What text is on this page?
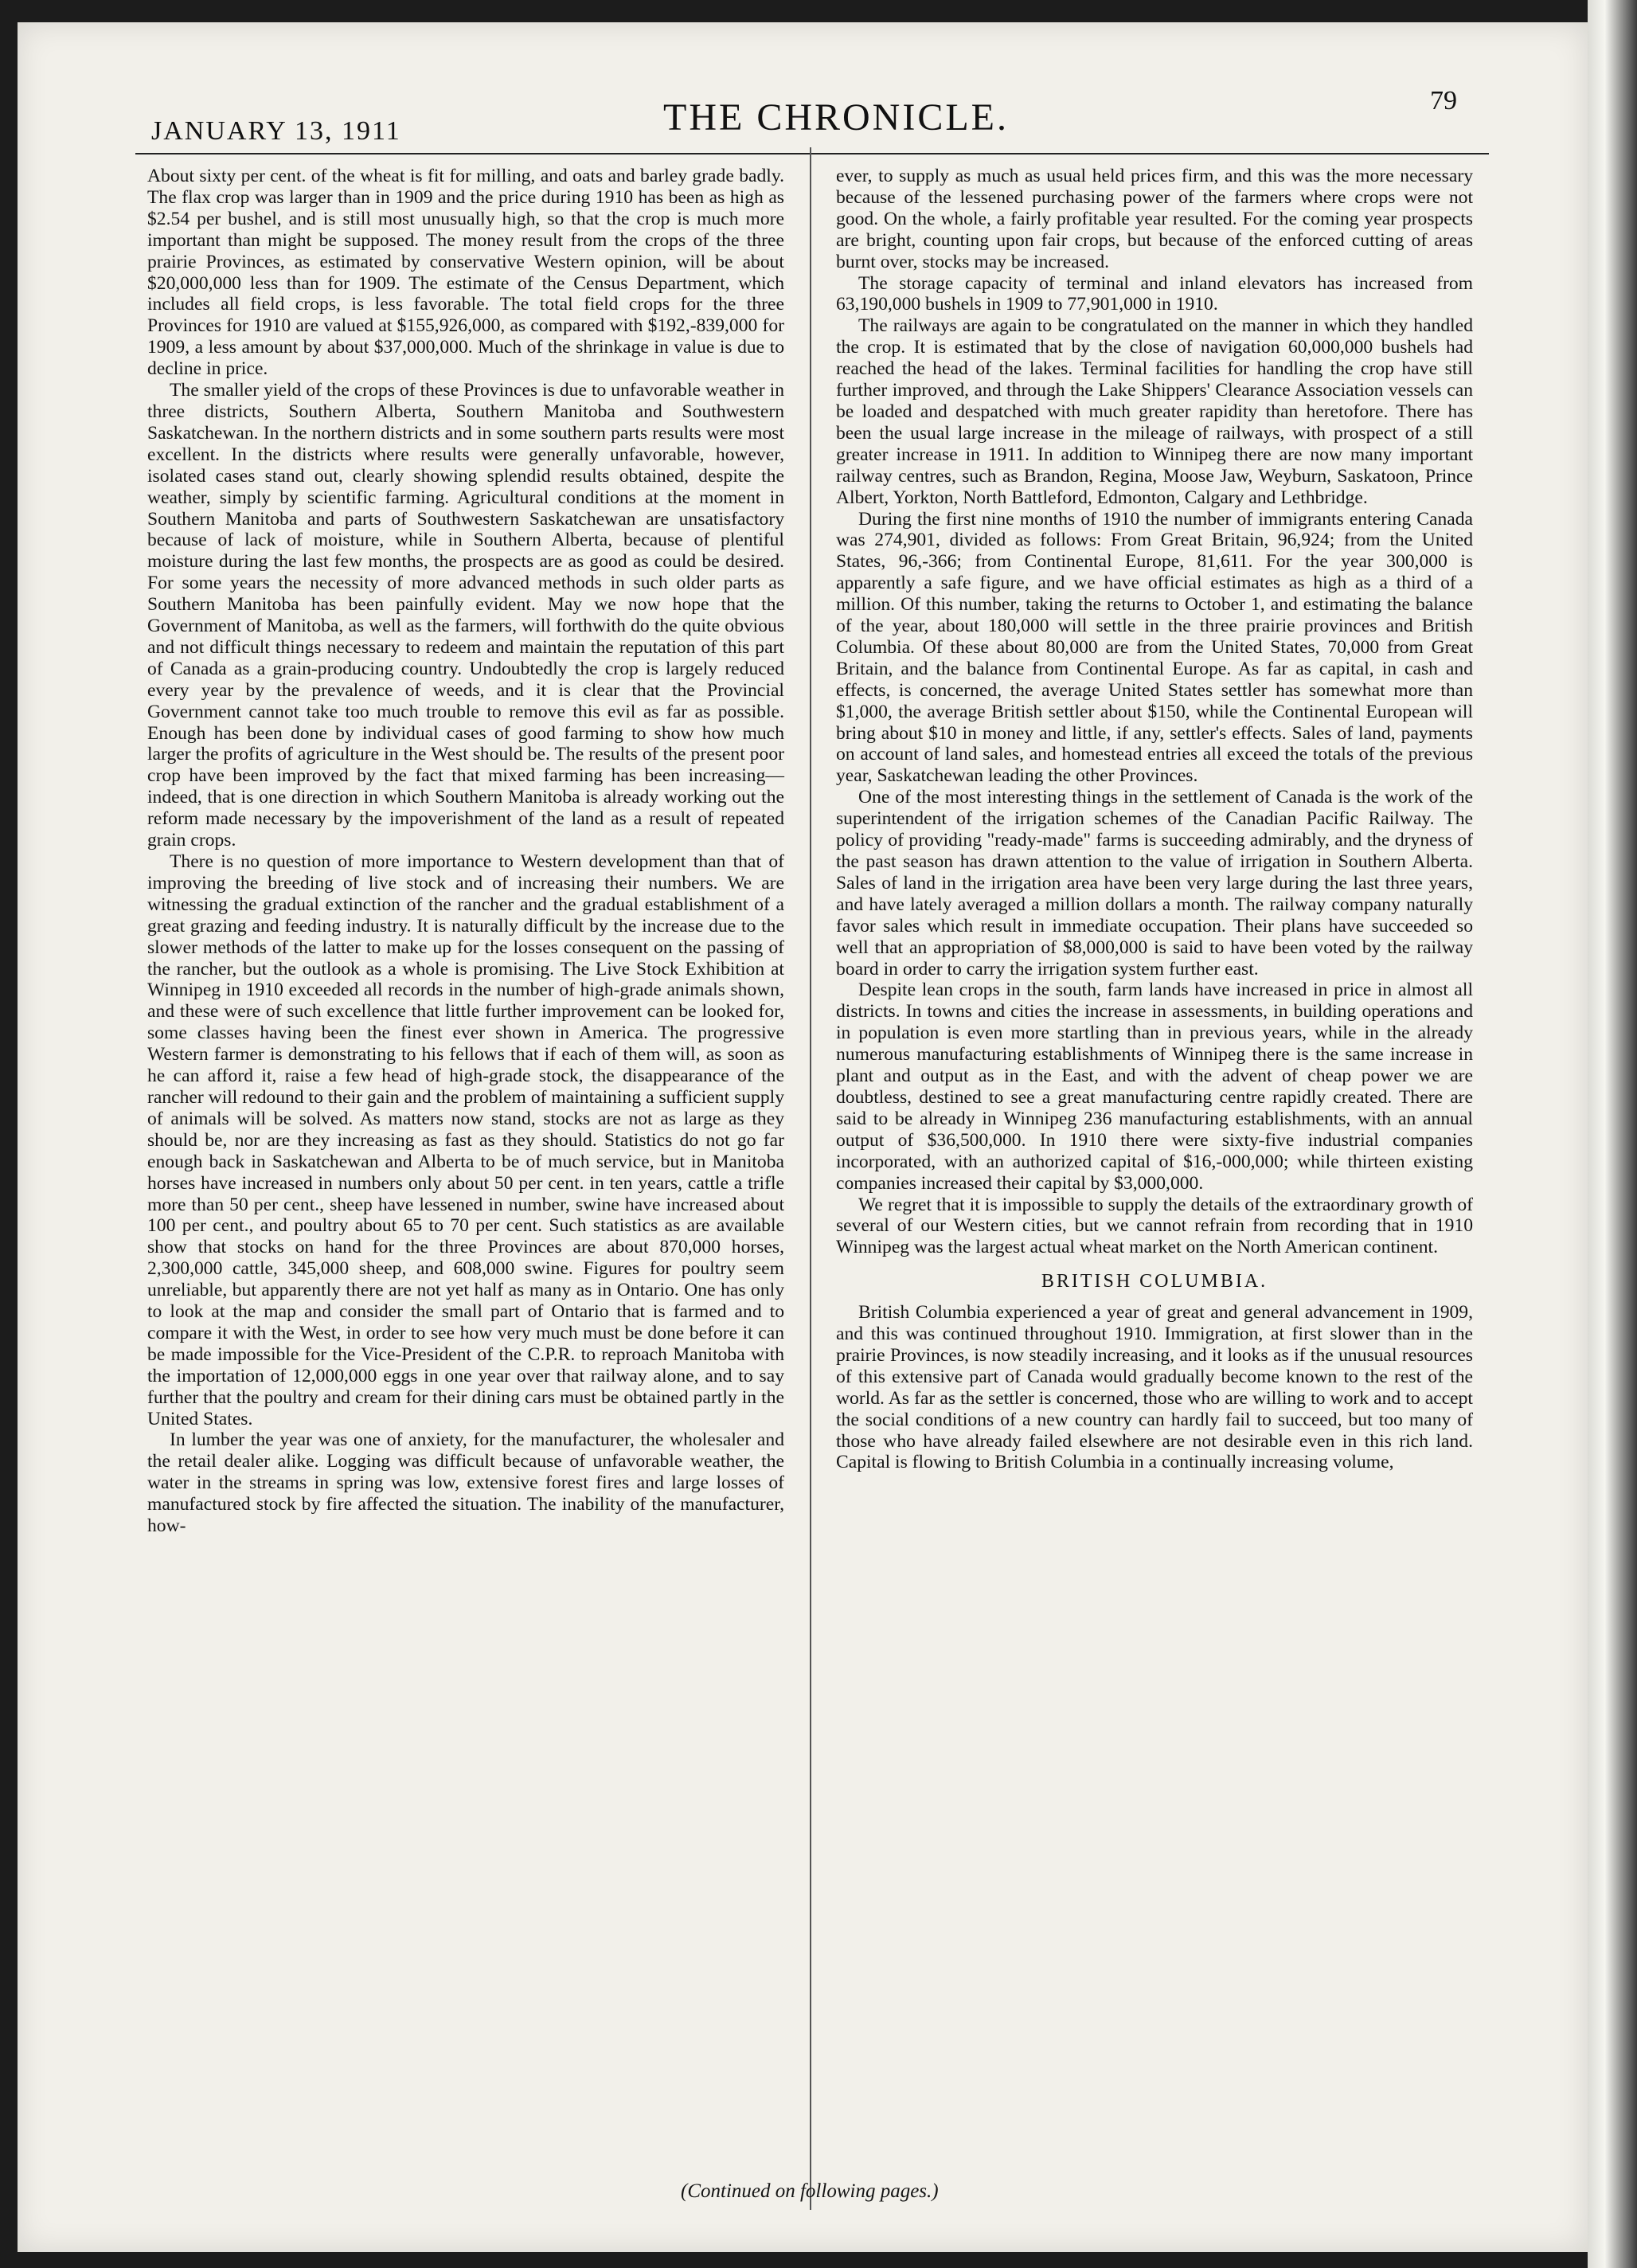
JANUARY 13, 1911	THE CHRONICLE.	79

About sixty per cent. of the wheat is fit for milling, and oats and barley grade badly. The flax crop was larger than in 1909 and the price during 1910 has been as high as $2.54 per bushel, and is still most unusually high, so that the crop is much more important than might be supposed. The money result from the crops of the three prairie Provinces, as estimated by conservative Western opinion, will be about $20,000,000 less than for 1909. The estimate of the Census Department, which includes all field crops, is less favorable. The total field crops for the three Provinces for 1910 are valued at $155,926,000, as compared with $192,-839,000 for 1909, a less amount by about $37,000,000. Much of the shrinkage in value is due to decline in price.

The smaller yield of the crops of these Provinces is due to unfavorable weather in three districts, Southern Alberta, Southern Manitoba and Southwestern Saskatchewan. In the northern districts and in some southern parts results were most excellent. In the districts where results were generally unfavorable, however, isolated cases stand out, clearly showing splendid results obtained, despite the weather, simply by scientific farming. Agricultural conditions at the moment in Southern Manitoba and parts of Southwestern Saskatchewan are unsatisfactory because of lack of moisture, while in Southern Alberta, because of plentiful moisture during the last few months, the prospects are as good as could be desired. For some years the necessity of more advanced methods in such older parts as Southern Manitoba has been painfully evident. May we now hope that the Government of Manitoba, as well as the farmers, will forthwith do the quite obvious and not difficult things necessary to redeem and maintain the reputation of this part of Canada as a grain-producing country. Undoubtedly the crop is largely reduced every year by the prevalence of weeds, and it is clear that the Provincial Government cannot take too much trouble to remove this evil as far as possible. Enough has been done by individual cases of good farming to show how much larger the profits of agriculture in the West should be. The results of the present poor crop have been improved by the fact that mixed farming has been increasing—indeed, that is one direction in which Southern Manitoba is already working out the reform made necessary by the impoverishment of the land as a result of repeated grain crops.

There is no question of more importance to Western development than that of improving the breeding of live stock and of increasing their numbers. We are witnessing the gradual extinction of the rancher and the gradual establishment of a great grazing and feeding industry. It is naturally difficult by the increase due to the slower methods of the latter to make up for the losses consequent on the passing of the rancher, but the outlook as a whole is promising. The Live Stock Exhibition at Winnipeg in 1910 exceeded all records in the number of high-grade animals shown, and these were of such excellence that little further improvement can be looked for, some classes having been the finest ever shown in America. The progressive Western farmer is demonstrating to his fellows that if each of them will, as soon as he can afford it, raise a few head of high-grade stock, the disappearance of the rancher will redound to their gain and the problem of maintaining a sufficient supply of animals will be solved. As matters now stand, stocks are not as large as they should be, nor are they increasing as fast as they should. Statistics do not go far enough back in Saskatchewan and Alberta to be of much service, but in Manitoba horses have increased in numbers only about 50 per cent. in ten years, cattle a trifle more than 50 per cent., sheep have lessened in number, swine have increased about 100 per cent., and poultry about 65 to 70 per cent. Such statistics as are available show that stocks on hand for the three Provinces are about 870,000 horses, 2,300,000 cattle, 345,000 sheep, and 608,000 swine. Figures for poultry seem unreliable, but apparently there are not yet half as many as in Ontario. One has only to look at the map and consider the small part of Ontario that is farmed and to compare it with the West, in order to see how very much must be done before it can be made impossible for the Vice-President of the C.P.R. to reproach Manitoba with the importation of 12,000,000 eggs in one year over that railway alone, and to say further that the poultry and cream for their dining cars must be obtained partly in the United States.

In lumber the year was one of anxiety, for the manufacturer, the wholesaler and the retail dealer alike. Logging was difficult because of unfavorable weather, the water in the streams in spring was low, extensive forest fires and large losses of manufactured stock by fire affected the situation. The inability of the manufacturer, how-

ever, to supply as much as usual held prices firm, and this was the more necessary because of the lessened purchasing power of the farmers where crops were not good. On the whole, a fairly profitable year resulted. For the coming year prospects are bright, counting upon fair crops, but because of the enforced cutting of areas burnt over, stocks may be increased.

The storage capacity of terminal and inland elevators has increased from 63,190,000 bushels in 1909 to 77,901,000 in 1910.

The railways are again to be congratulated on the manner in which they handled the crop. It is estimated that by the close of navigation 60,000,000 bushels had reached the head of the lakes. Terminal facilities for handling the crop have still further improved, and through the Lake Shippers' Clearance Association vessels can be loaded and despatched with much greater rapidity than heretofore. There has been the usual large increase in the mileage of railways, with prospect of a still greater increase in 1911. In addition to Winnipeg there are now many important railway centres, such as Brandon, Regina, Moose Jaw, Weyburn, Saskatoon, Prince Albert, Yorkton, North Battleford, Edmonton, Calgary and Lethbridge.

During the first nine months of 1910 the number of immigrants entering Canada was 274,901, divided as follows: From Great Britain, 96,924; from the United States, 96,-366; from Continental Europe, 81,611. For the year 300,000 is apparently a safe figure, and we have official estimates as high as a third of a million. Of this number, taking the returns to October 1, and estimating the balance of the year, about 180,000 will settle in the three prairie provinces and British Columbia. Of these about 80,000 are from the United States, 70,000 from Great Britain, and the balance from Continental Europe. As far as capital, in cash and effects, is concerned, the average United States settler has somewhat more than $1,000, the average British settler about $150, while the Continental European will bring about $10 in money and little, if any, settler's effects. Sales of land, payments on account of land sales, and homestead entries all exceed the totals of the previous year, Saskatchewan leading the other Provinces.

One of the most interesting things in the settlement of Canada is the work of the superintendent of the irrigation schemes of the Canadian Pacific Railway. The policy of providing "ready-made" farms is succeeding admirably, and the dryness of the past season has drawn attention to the value of irrigation in Southern Alberta. Sales of land in the irrigation area have been very large during the last three years, and have lately averaged a million dollars a month. The railway company naturally favor sales which result in immediate occupation. Their plans have succeeded so well that an appropriation of $8,000,000 is said to have been voted by the railway board in order to carry the irrigation system further east.

Despite lean crops in the south, farm lands have increased in price in almost all districts. In towns and cities the increase in assessments, in building operations and in population is even more startling than in previous years, while in the already numerous manufacturing establishments of Winnipeg there is the same increase in plant and output as in the East, and with the advent of cheap power we are doubtless, destined to see a great manufacturing centre rapidly created. There are said to be already in Winnipeg 236 manufacturing establishments, with an annual output of $36,500,000. In 1910 there were sixty-five industrial companies incorporated, with an authorized capital of $16,-000,000; while thirteen existing companies increased their capital by $3,000,000.

We regret that it is impossible to supply the details of the extraordinary growth of several of our Western cities, but we cannot refrain from recording that in 1910 Winnipeg was the largest actual wheat market on the North American continent.

BRITISH COLUMBIA.

British Columbia experienced a year of great and general advancement in 1909, and this was continued throughout 1910. Immigration, at first slower than in the prairie Provinces, is now steadily increasing, and it looks as if the unusual resources of this extensive part of Canada would gradually become known to the rest of the world. As far as the settler is concerned, those who are willing to work and to accept the social conditions of a new country can hardly fail to succeed, but too many of those who have already failed elsewhere are not desirable even in this rich land. Capital is flowing to British Columbia in a continually increasing volume,

(Continued on following pages.)
